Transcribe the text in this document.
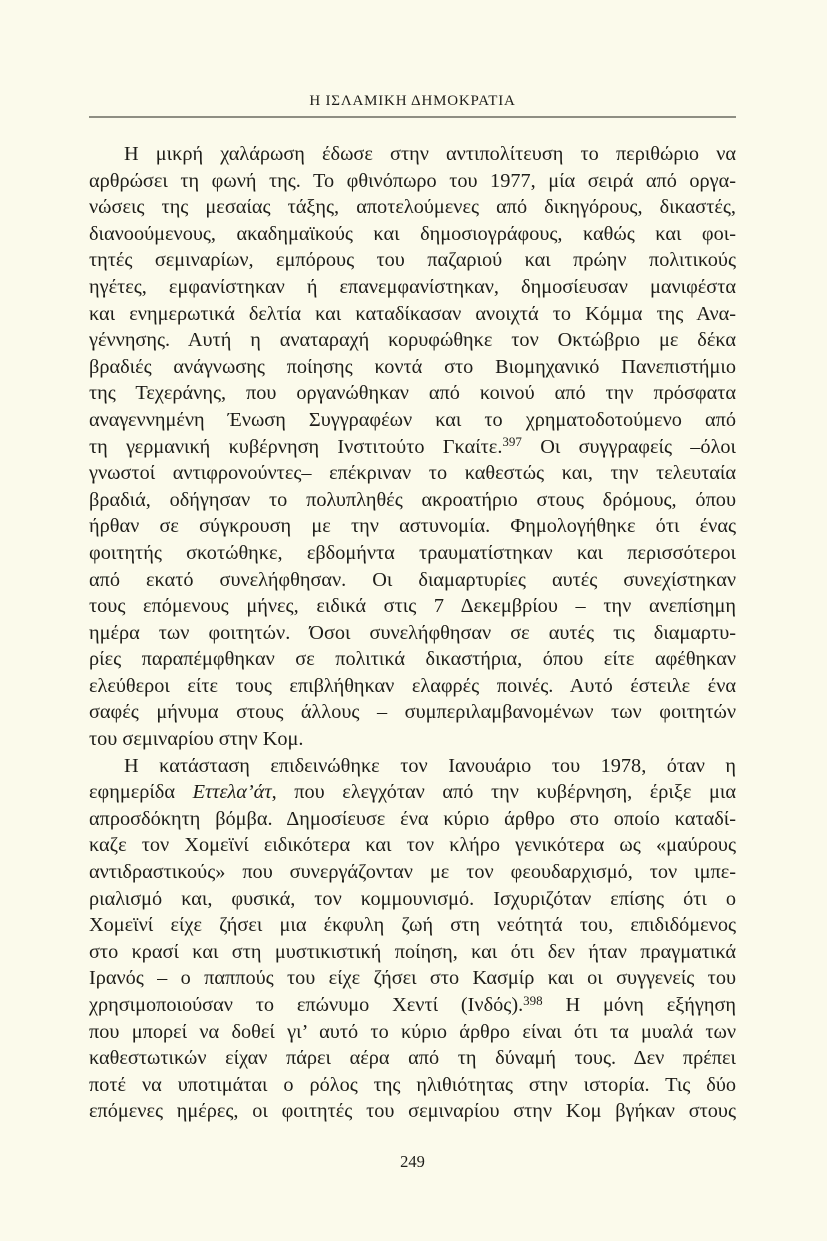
Η ΙΣΛΑΜΙΚΗ ΔΗΜΟΚΡΑΤΙΑ
Η μικρή χαλάρωση έδωσε στην αντιπολίτευση το περιθώριο να
αρθρώσει τη φωνή της. Το φθινόπωρο του 1977, μία σειρά από οργα-
νώσεις της μεσαίας τάξης, αποτελούμενες από δικηγόρους, δικαστές,
διανοούμενους, ακαδημαϊκούς και δημοσιογράφους, καθώς και φοι-
τητές σεμιναρίων, εμπόρους του παζαριού και πρώην πολιτικούς
ηγέτες, εμφανίστηκαν ή επανεμφανίστηκαν, δημοσίευσαν μανιφέστα
και ενημερωτικά δελτία και καταδίκασαν ανοιχτά το Κόμμα της Ανα-
γέννησης. Αυτή η αναταραχή κορυφώθηκε τον Οκτώβριο με δέκα
βραδιές ανάγνωσης ποίησης κοντά στο Βιομηχανικό Πανεπιστήμιο
της Τεχεράνης, που οργανώθηκαν από κοινού από την πρόσφατα
αναγεννημένη Ένωση Συγγραφέων και το χρηματοδοτούμενο από
τη γερμανική κυβέρνηση Ινστιτούτο Γκαίτε.$^{397}$ Οι συγγραφείς –όλοι
γνωστοί αντιφρονούντες– επέκριναν το καθεστώς και, την τελευταία
βραδιά, οδήγησαν το πολυπληθές ακροατήριο στους δρόμους, όπου
ήρθαν σε σύγκρουση με την αστυνομία. Φημολογήθηκε ότι ένας
φοιτητής σκοτώθηκε, εβδομήντα τραυματίστηκαν και περισσότεροι
από εκατό συνελήφθησαν. Οι διαμαρτυρίες αυτές συνεχίστηκαν
τους επόμενους μήνες, ειδικά στις 7 Δεκεμβρίου – την ανεπίσημη
ημέρα των φοιτητών. Όσοι συνελήφθησαν σε αυτές τις διαμαρτυ-
ρίες παραπέμφθηκαν σε πολιτικά δικαστήρια, όπου είτε αφέθηκαν
ελεύθεροι είτε τους επιβλήθηκαν ελαφρές ποινές. Αυτό έστειλε ένα
σαφές μήνυμα στους άλλους – συμπεριλαμβανομένων των φοιτητών
του σεμιναρίου στην Κομ.
Η κατάσταση επιδεινώθηκε τον Ιανουάριο του 1978, όταν η
εφημερίδα Εττελα’άτ, που ελεγχόταν από την κυβέρνηση, έριξε μια
απροσδόκητη βόμβα. Δημοσίευσε ένα κύριο άρθρο στο οποίο καταδί-
καζε τον Χομεϊνί ειδικότερα και τον κλήρο γενικότερα ως «μαύρους
αντιδραστικούς» που συνεργάζονταν με τον φεουδαρχισμό, τον ιμπε-
ριαλισμό και, φυσικά, τον κομμουνισμό. Ισχυριζόταν επίσης ότι ο
Χομεϊνί είχε ζήσει μια έκφυλη ζωή στη νεότητά του, επιδιδόμενος
στο κρασί και στη μυστικιστική ποίηση, και ότι δεν ήταν πραγματικά
Ιρανός – ο παππούς του είχε ζήσει στο Κασμίρ και οι συγγενείς του
χρησιμοποιούσαν το επώνυμο Χεντί (Ινδός).$^{398}$ Η μόνη εξήγηση
που μπορεί να δοθεί γι’ αυτό το κύριο άρθρο είναι ότι τα μυαλά των
καθεστωτικών είχαν πάρει αέρα από τη δύναμή τους. Δεν πρέπει
ποτέ να υποτιμάται ο ρόλος της ηλιθιότητας στην ιστορία. Τις δύο
επόμενες ημέρες, οι φοιτητές του σεμιναρίου στην Κομ βγήκαν στους
249
